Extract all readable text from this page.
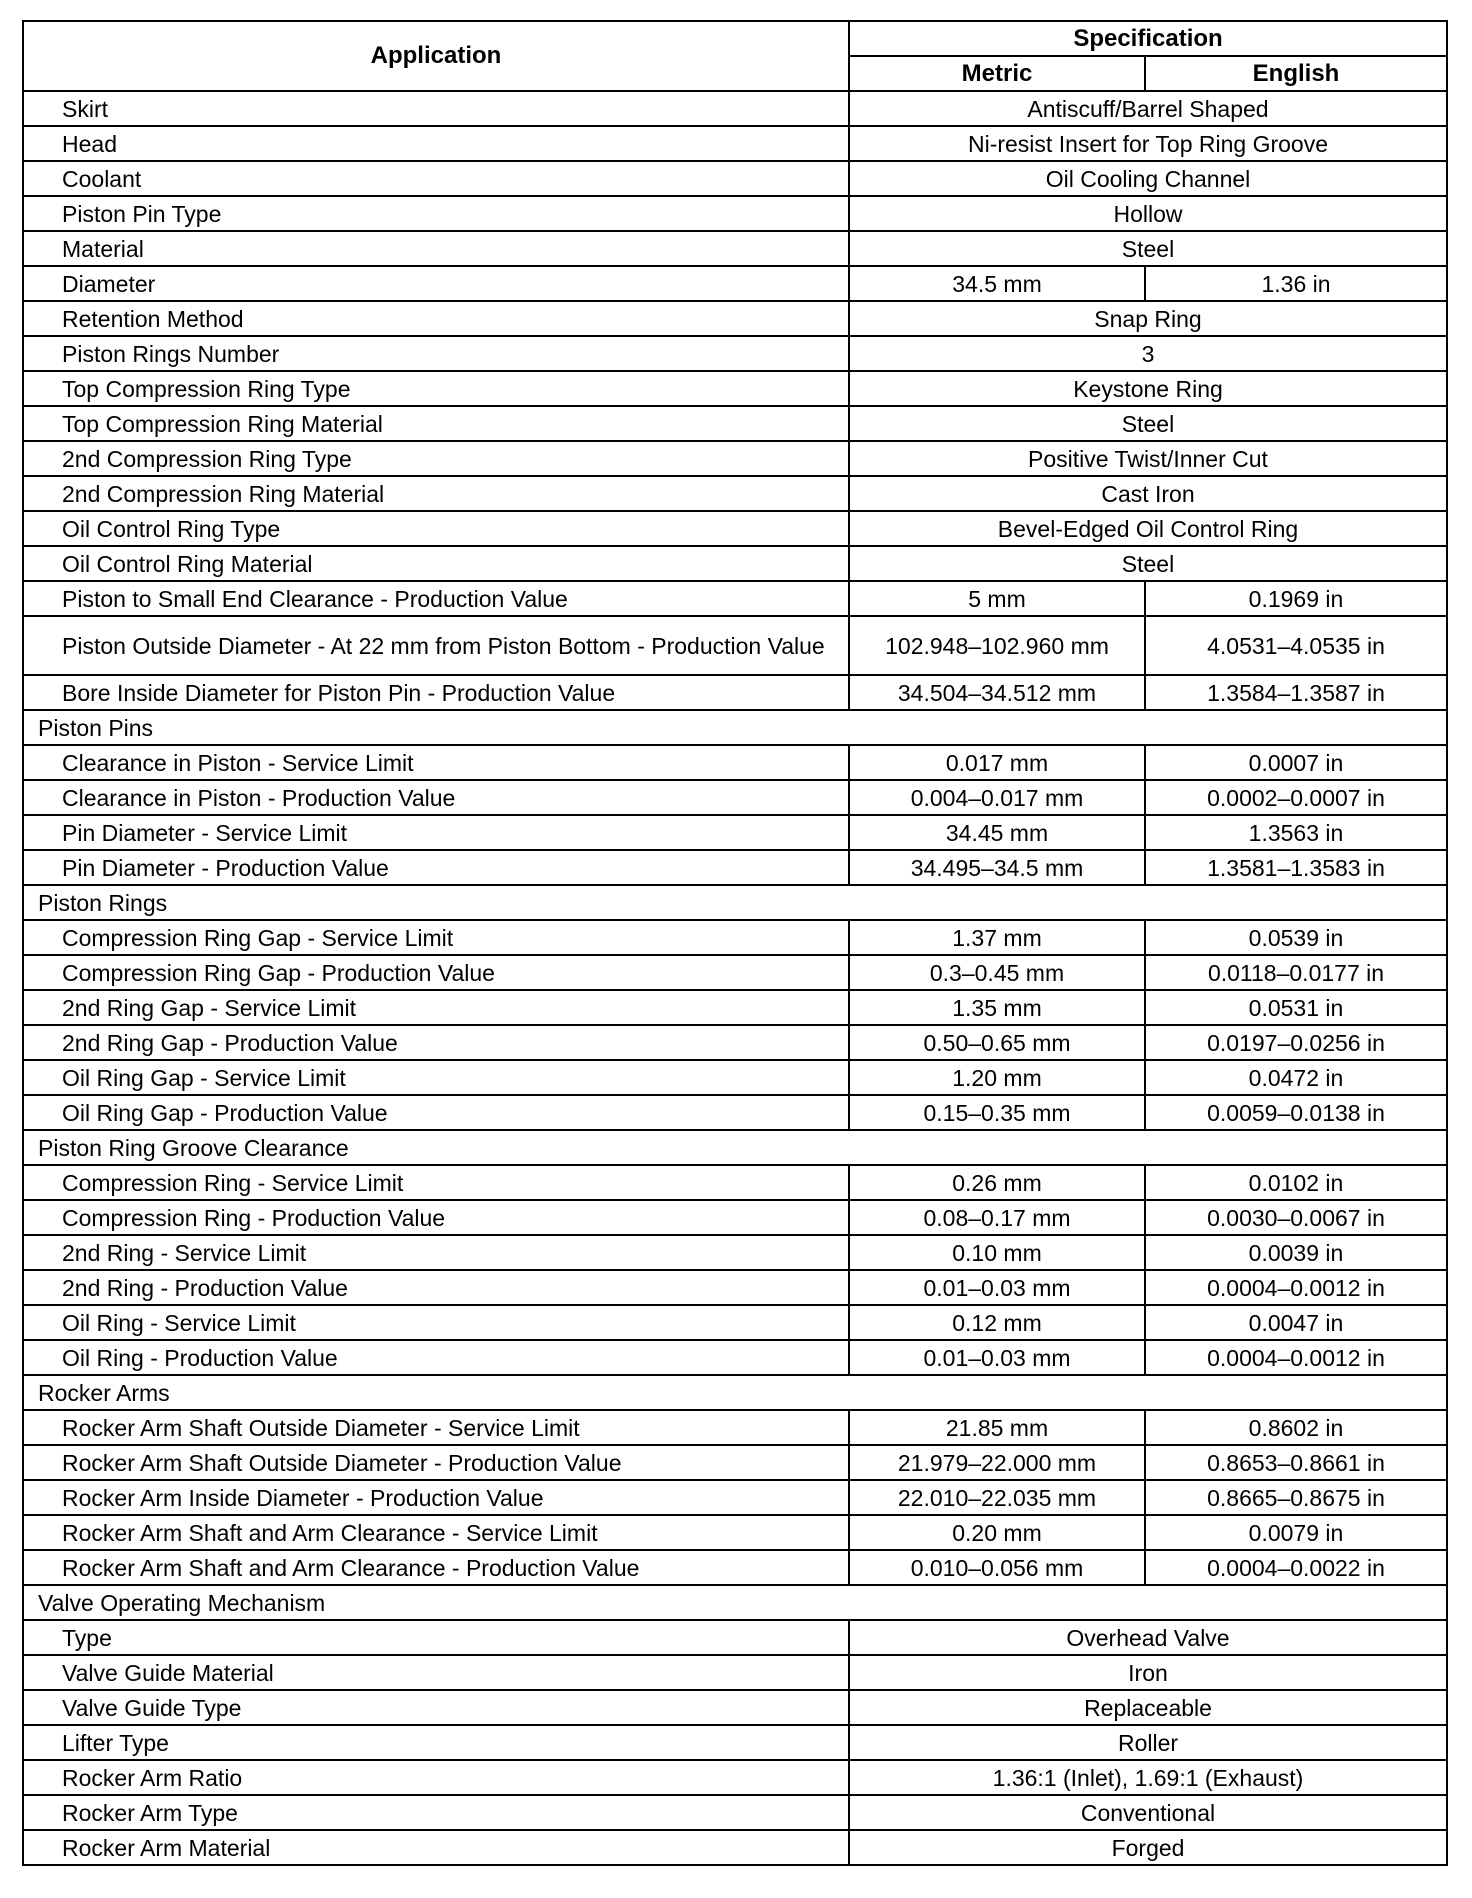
Application	Specification	
	Metric	English
Skirt	Antiscuff/Barrel Shaped	
Head	Ni-resist Insert for Top Ring Groove	
Coolant	Oil Cooling Channel	
Piston Pin Type	Hollow	
Material	Steel	
Diameter	34.5 mm	1.36 in
Retention Method	Snap Ring	
Piston Rings Number	3	
Top Compression Ring Type	Keystone Ring	
Top Compression Ring Material	Steel	
2nd Compression Ring Type	Positive Twist/Inner Cut	
2nd Compression Ring Material	Cast Iron	
Oil Control Ring Type	Bevel-Edged Oil Control Ring	
Oil Control Ring Material	Steel	
Piston to Small End Clearance - Production Value	5 mm	0.1969 in
Piston Outside Diameter - At 22 mm from Piston Bottom - Production Value	102.948–102.960 mm	4.0531–4.0535 in
Bore Inside Diameter for Piston Pin - Production Value	34.504–34.512 mm	1.3584–1.3587 in
Piston Pins		
Clearance in Piston - Service Limit	0.017 mm	0.0007 in
Clearance in Piston - Production Value	0.004–0.017 mm	0.0002–0.0007 in
Pin Diameter - Service Limit	34.45 mm	1.3563 in
Pin Diameter - Production Value	34.495–34.5 mm	1.3581–1.3583 in
Piston Rings		
Compression Ring Gap - Service Limit	1.37 mm	0.0539 in
Compression Ring Gap - Production Value	0.3–0.45 mm	0.0118–0.0177 in
2nd Ring Gap - Service Limit	1.35 mm	0.0531 in
2nd Ring Gap - Production Value	0.50–0.65 mm	0.0197–0.0256 in
Oil Ring Gap - Service Limit	1.20 mm	0.0472 in
Oil Ring Gap - Production Value	0.15–0.35 mm	0.0059–0.0138 in
Piston Ring Groove Clearance		
Compression Ring - Service Limit	0.26 mm	0.0102 in
Compression Ring - Production Value	0.08–0.17 mm	0.0030–0.0067 in
2nd Ring - Service Limit	0.10 mm	0.0039 in
2nd Ring - Production Value	0.01–0.03 mm	0.0004–0.0012 in
Oil Ring - Service Limit	0.12 mm	0.0047 in
Oil Ring - Production Value	0.01–0.03 mm	0.0004–0.0012 in
Rocker Arms		
Rocker Arm Shaft Outside Diameter - Service Limit	21.85 mm	0.8602 in
Rocker Arm Shaft Outside Diameter - Production Value	21.979–22.000 mm	0.8653–0.8661 in
Rocker Arm Inside Diameter - Production Value	22.010–22.035 mm	0.8665–0.8675 in
Rocker Arm Shaft and Arm Clearance - Service Limit	0.20 mm	0.0079 in
Rocker Arm Shaft and Arm Clearance - Production Value	0.010–0.056 mm	0.0004–0.0022 in
Valve Operating Mechanism		
Type	Overhead Valve	
Valve Guide Material	Iron	
Valve Guide Type	Replaceable	
Lifter Type	Roller	
Rocker Arm Ratio	1.36:1 (Inlet), 1.69:1 (Exhaust)	
Rocker Arm Type	Conventional	
Rocker Arm Material	Forged	
